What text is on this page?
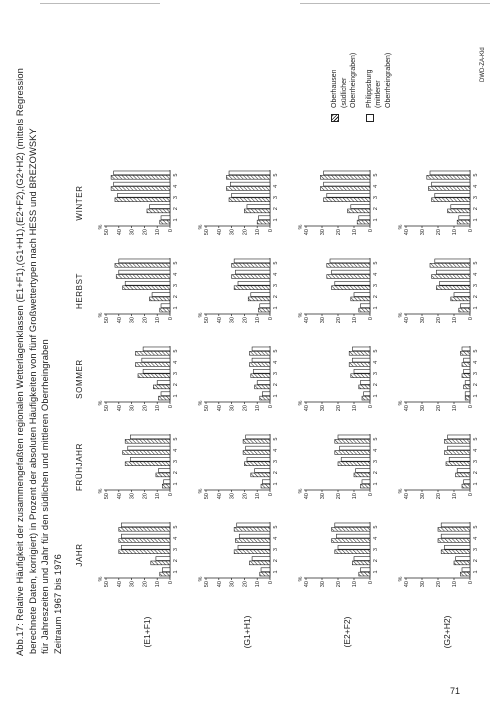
Abb.17: Relative Häufigkeit der zusammengefaßten regionalen Wetterlagenklassen (E1+F1),(G1+H1),(E2+F2),(G2+H2) (mittels Regression berechnete Daten, korrigiert) in Prozent der absoluten Häufigkeiten von fünf Großwettertypen nach HESS und BREZOWSKY für Jahreszeiten und Jahr für den südlichen und mittleren Oberrheingraben Zeitraum 1967 bis 1976 JAHR
FRÜHJAHR
SOMMER
HERBST
WINTER
(E1+F1)
0
10
20
30
40
50
%
1
2
3
4
5
0
10
20
30
40
50
%
1
2
3
4
5
0
10
20
30
40
50
%
1
2
3
4
5
0
10
20
30
40
50
%
1
2
3
4
5
0
10
20
30
40
50
%
1
2
3
4
5
(G1+H1)
0
10
20
30
40
50
%
1
2
3
4
5
0
10
20
30
40
50
%
1
2
3
4
5
0
10
20
30
40
50
%
1
2
3
4
5
0
10
20
30
40
50
%
1
2
3
4
5
0
10
20
30
40
50
%
1
2
3
4
5
(E2+F2)
0
10
20
30
40
%
1
2
3
4
5
0
10
20
30
40
%
1
2
3
4
5
0
10
20
30
40
%
1
2
3
4
5
0
10
20
30
40
%
1
2
3
4
5
0
10
20
30
40
%
1
2
3
4
5
(G2+H2)
0
10
20
30
40
%
1
2
3
4
5
0
10
20
30
40
%
1
2
3
4
5
0
10
20
30
40
%
1
2
3
4
5
0
10
20
30
40
%
1
2
3
4
5
0
10
20
30
40
%
1
2
3
4
5
Oberhausen (südlicher Oberrheingraben) Philippsburg (mittlerer Oberrheingraben)	DWD-ZA-Kld
71
